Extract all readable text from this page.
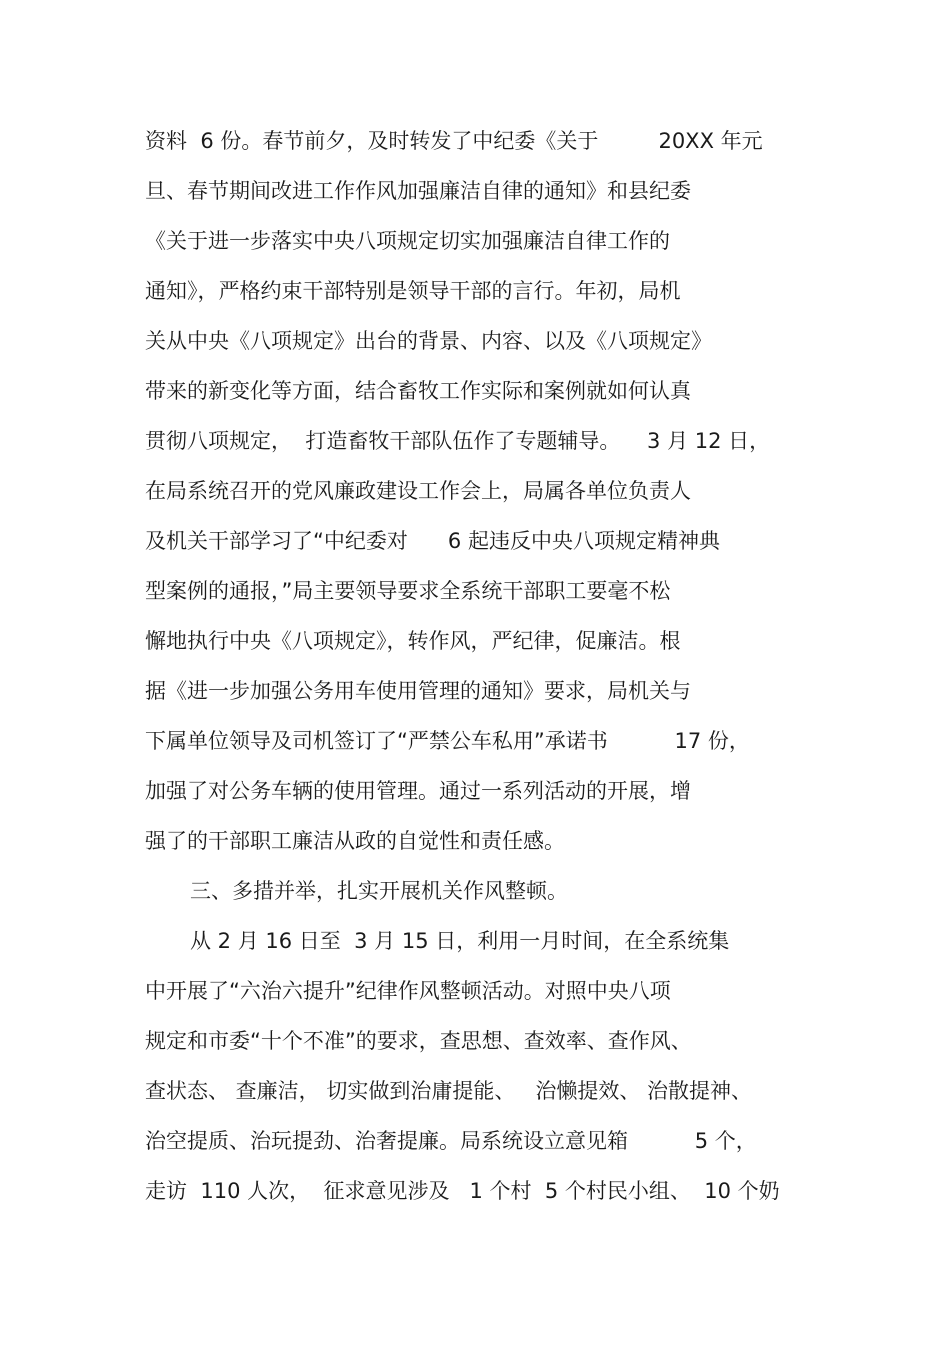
资料  6 份。春节前夕，及时转发了中纪委《关于         20XX 年元
旦、春节期间改进工作作风加强廉洁自律的通知》和县纪委
《关于进一步落实中央八项规定切实加强廉洁自律工作的
通知》，严格约束干部特别是领导干部的言行。年初，局机
关从中央《八项规定》出台的背景、内容、以及《八项规定》
带来的新变化等方面，结合畜牧工作实际和案例就如何认真
贯彻八项规定，  打造畜牧干部队伍作了专题辅导。    3 月 12 日，
在局系统召开的党风廉政建设工作会上，局属各单位负责人
及机关干部学习了“中纪委对      6 起违反中央八项规定精神典
型案例的通报，”局主要领导要求全系统干部职工要毫不松
懈地执行中央《八项规定》，转作风，严纪律，促廉洁。根
据《进一步加强公务用车使用管理的通知》要求，局机关与
下属单位领导及司机签订了“严禁公车私用”承诺书          17 份，
加强了对公务车辆的使用管理。通过一系列活动的开展，增
强了的干部职工廉洁从政的自觉性和责任感。
三、多措并举，扎实开展机关作风整顿。
从 2 月 16 日至  3 月 15 日，利用一月时间，在全系统集
中开展了“六治六提升”纪律作风整顿活动。对照中央八项
规定和市委“十个不准”的要求，查思想、查效率、查作风、
查状态、 查廉洁， 切实做到治庸提能、   治懒提效、 治散提神、
治空提质、治玩提劲、治奢提廉。局系统设立意见箱          5 个，
走访  110 人次，  征求意见涉及   1 个村  5 个村民小组、  10 个奶
